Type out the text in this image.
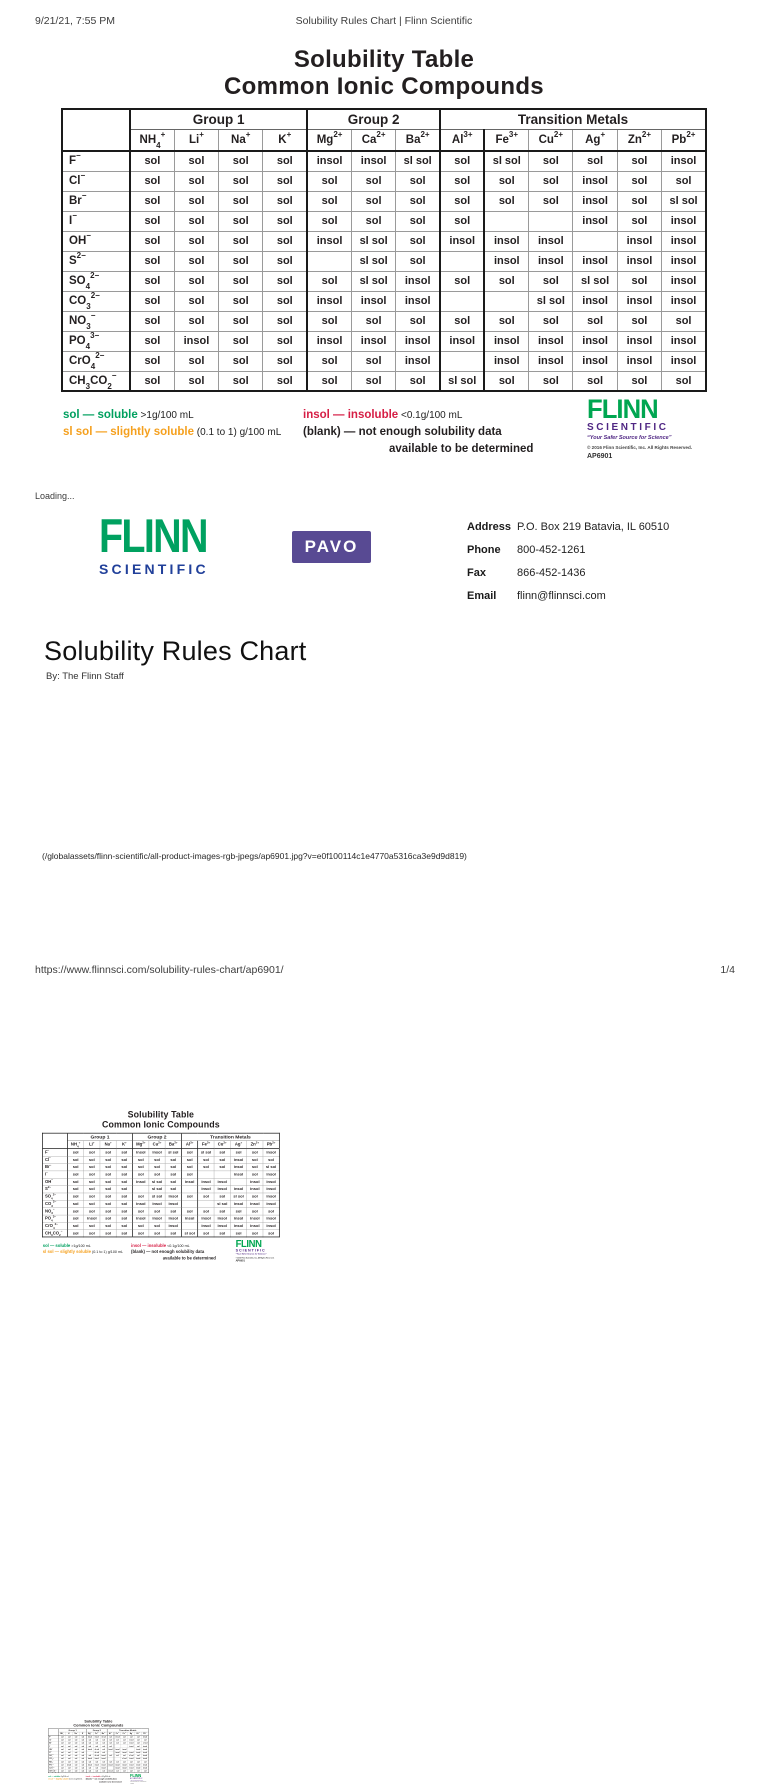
9/21/21, 7:55 PM	Solubility Rules Chart | Flinn Scientific
Solubility Table
Common Ionic Compounds
	Group 1				Group 2			Transition Metals					
	$NH_4^+$	Li+	Na+	K+	$Mg^{2+}$	$Ca^{2+}$	$Ba^{2+}$	$Al^{3+}$	$Fe^{3+}$	$Cu^{2+}$	Ag+	$Zn^{2+}$	$Pb^{2+}$
F−	sol	sol	sol	sol	insol	insol	sl sol	sol	sl sol	sol	sol	sol	insol
Cl−	sol	sol	sol	sol	sol	sol	sol	sol	sol	sol	insol	sol	sol
Br−	sol	sol	sol	sol	sol	sol	sol	sol	sol	sol	insol	sol	sl sol
I−	sol	sol	sol	sol	sol	sol	sol	sol			insol	sol	insol
OH−	sol	sol	sol	sol	insol	sl sol	sol	insol	insol	insol		insol	insol
$S^{2-}$	sol	sol	sol	sol		sl sol	sol		insol	insol	insol	insol	insol
$SO_4^{2-}$	sol	sol	sol	sol	sol	sl sol	insol	sol	sol	sol	sl sol	sol	insol
$CO_3^{2-}$	sol	sol	sol	sol	insol	insol	insol			sl sol	insol	insol	insol
$NO_3^-$	sol	sol	sol	sol	sol	sol	sol	sol	sol	sol	sol	sol	sol
$PO_4^{3-}$	sol	insol	sol	sol	insol	insol	insol	insol	insol	insol	insol	insol	insol
CrO$_4^{2-}$	sol	sol	sol	sol	sol	sol	insol		insol	insol	insol	insol	insol
$CH_3CO_2^-$	sol	sol	sol	sol	sol	sol	sol	sl sol	sol	sol	sol	sol	sol
sol — soluble >1g/100 mL
sl sol — slightly soluble (0.1 to 1) g/100 mL
insol — insoluble <0.1g/100 mL
(blank) — not enough solubility data
available to be determined
FLINN
SCIENTIFIC
“Your Safer Source for Science”
© 2016 Flinn Scientific, Inc. All Rights Reserved.
AP6901
Loading...
FLINN
SCIENTIFIC
PAVO
Address P.O. Box 219 Batavia, IL 60510
Phone 800-452-1261
Fax	866-452-1436
Email flinn@flinnsci.com
Solubility Rules Chart
By: The Flinn Staff
Solubility Table
Common Ionic Compounds
	Group 1				Group 2			Transition Metals					
	$NH_4^+$	Li+	Na+	K+	$Mg^{2+}$	$Ca^{2+}$	$Ba^{2+}$	$Al^{3+}$	$Fe^{3+}$	$Cu^{2+}$	Ag+	$Zn^{2+}$	$Pb^{2+}$
F−	sol	sol	sol	sol	insol	insol	sl sol	sol	sl sol	sol	sol	sol	insol
Cl−	sol	sol	sol	sol	sol	sol	sol	sol	sol	sol	insol	sol	sol
Br−	sol	sol	sol	sol	sol	sol	sol	sol	sol	sol	insol	sol	sl sol
I−	sol	sol	sol	sol	sol	sol	sol	sol			insol	sol	insol
OH−	sol	sol	sol	sol	insol	sl sol	sol	insol	insol	insol		insol	insol
$S^{2-}$	sol	sol	sol	sol		sl sol	sol		insol	insol	insol	insol	insol
$SO_4^{2-}$	sol	sol	sol	sol	sol	sl sol	insol	sol	sol	sol	sl sol	sol	insol
$CO_3^{2-}$	sol	sol	sol	sol	insol	insol	insol			sl sol	insol	insol	insol
$NO_3^-$	sol	sol	sol	sol	sol	sol	sol	sol	sol	sol	sol	sol	sol
$PO_4^{3-}$	sol	insol	sol	sol	insol	insol	insol	insol	insol	insol	insol	insol	insol
CrO$_4^{2-}$	sol	sol	sol	sol	sol	sol	insol		insol	insol	insol	insol	insol
$CH_3CO_2^-$	sol	sol	sol	sol	sol	sol	sol	sl sol	sol	sol	sol	sol	sol
sol — soluble >1g/100 mL
sl sol — slightly soluble (0.1 to 1) g/100 mL
insol — insoluble <0.1g/100 mL
(blank) — not enough solubility data
available to be determined
FLINN
SCIENTIFIC
“Your Safer Source for Science”
© 2016 Flinn Scientific, Inc. All Rights Reserved.
AP6901
(/globalassets/flinn-scientific/all-product-images-rgb-jpegs/ap6901.jpg?v=e0f100114c1e4770a5316ca3e9d9d819)
Solubility Table
Common Ionic Compounds
	Group 1				Group 2			Transition Metals					
	$NH_4^+$	Li+	Na+	K+	$Mg^{2+}$	$Ca^{2+}$	$Ba^{2+}$	$Al^{3+}$	$Fe^{3+}$	$Cu^{2+}$	Ag+	$Zn^{2+}$	$Pb^{2+}$
F−	sol	sol	sol	sol	insol	insol	sl sol	sol	sl sol	sol	sol	sol	insol
Cl−	sol	sol	sol	sol	sol	sol	sol	sol	sol	sol	insol	sol	sol
Br−	sol	sol	sol	sol	sol	sol	sol	sol	sol	sol	insol	sol	sl sol
I−	sol	sol	sol	sol	sol	sol	sol	sol			insol	sol	insol
OH−	sol	sol	sol	sol	insol	sl sol	sol	insol	insol	insol		insol	insol
$S^{2-}$	sol	sol	sol	sol		sl sol	sol		insol	insol	insol	insol	insol
$SO_4^{2-}$	sol	sol	sol	sol	sol	sl sol	insol	sol	sol	sol	sl sol	sol	insol
$CO_3^{2-}$	sol	sol	sol	sol	insol	insol	insol			sl sol	insol	insol	insol
$NO_3^-$	sol	sol	sol	sol	sol	sol	sol	sol	sol	sol	sol	sol	sol
$PO_4^{3-}$	sol	insol	sol	sol	insol	insol	insol	insol	insol	insol	insol	insol	insol
CrO$_4^{2-}$	sol	sol	sol	sol	sol	sol	insol		insol	insol	insol	insol	insol
$CH_3CO_2^-$	sol	sol	sol	sol	sol	sol	sol	sl sol	sol	sol	sol	sol	sol
sol — soluble >1g/100 mL
sl sol — slightly soluble (0.1 to 1) g/100 mL
insol — insoluble <0.1g/100 mL
(blank) — not enough solubility data
available to be determined
FLINN
SCIENTIFIC
“Your Safer Source for Science”
© 2016 Flinn Scientific, Inc. All Rights Reserved.
AP6901
https://www.flinnsci.com/solubility-rules-chart/ap6901/	1/4
